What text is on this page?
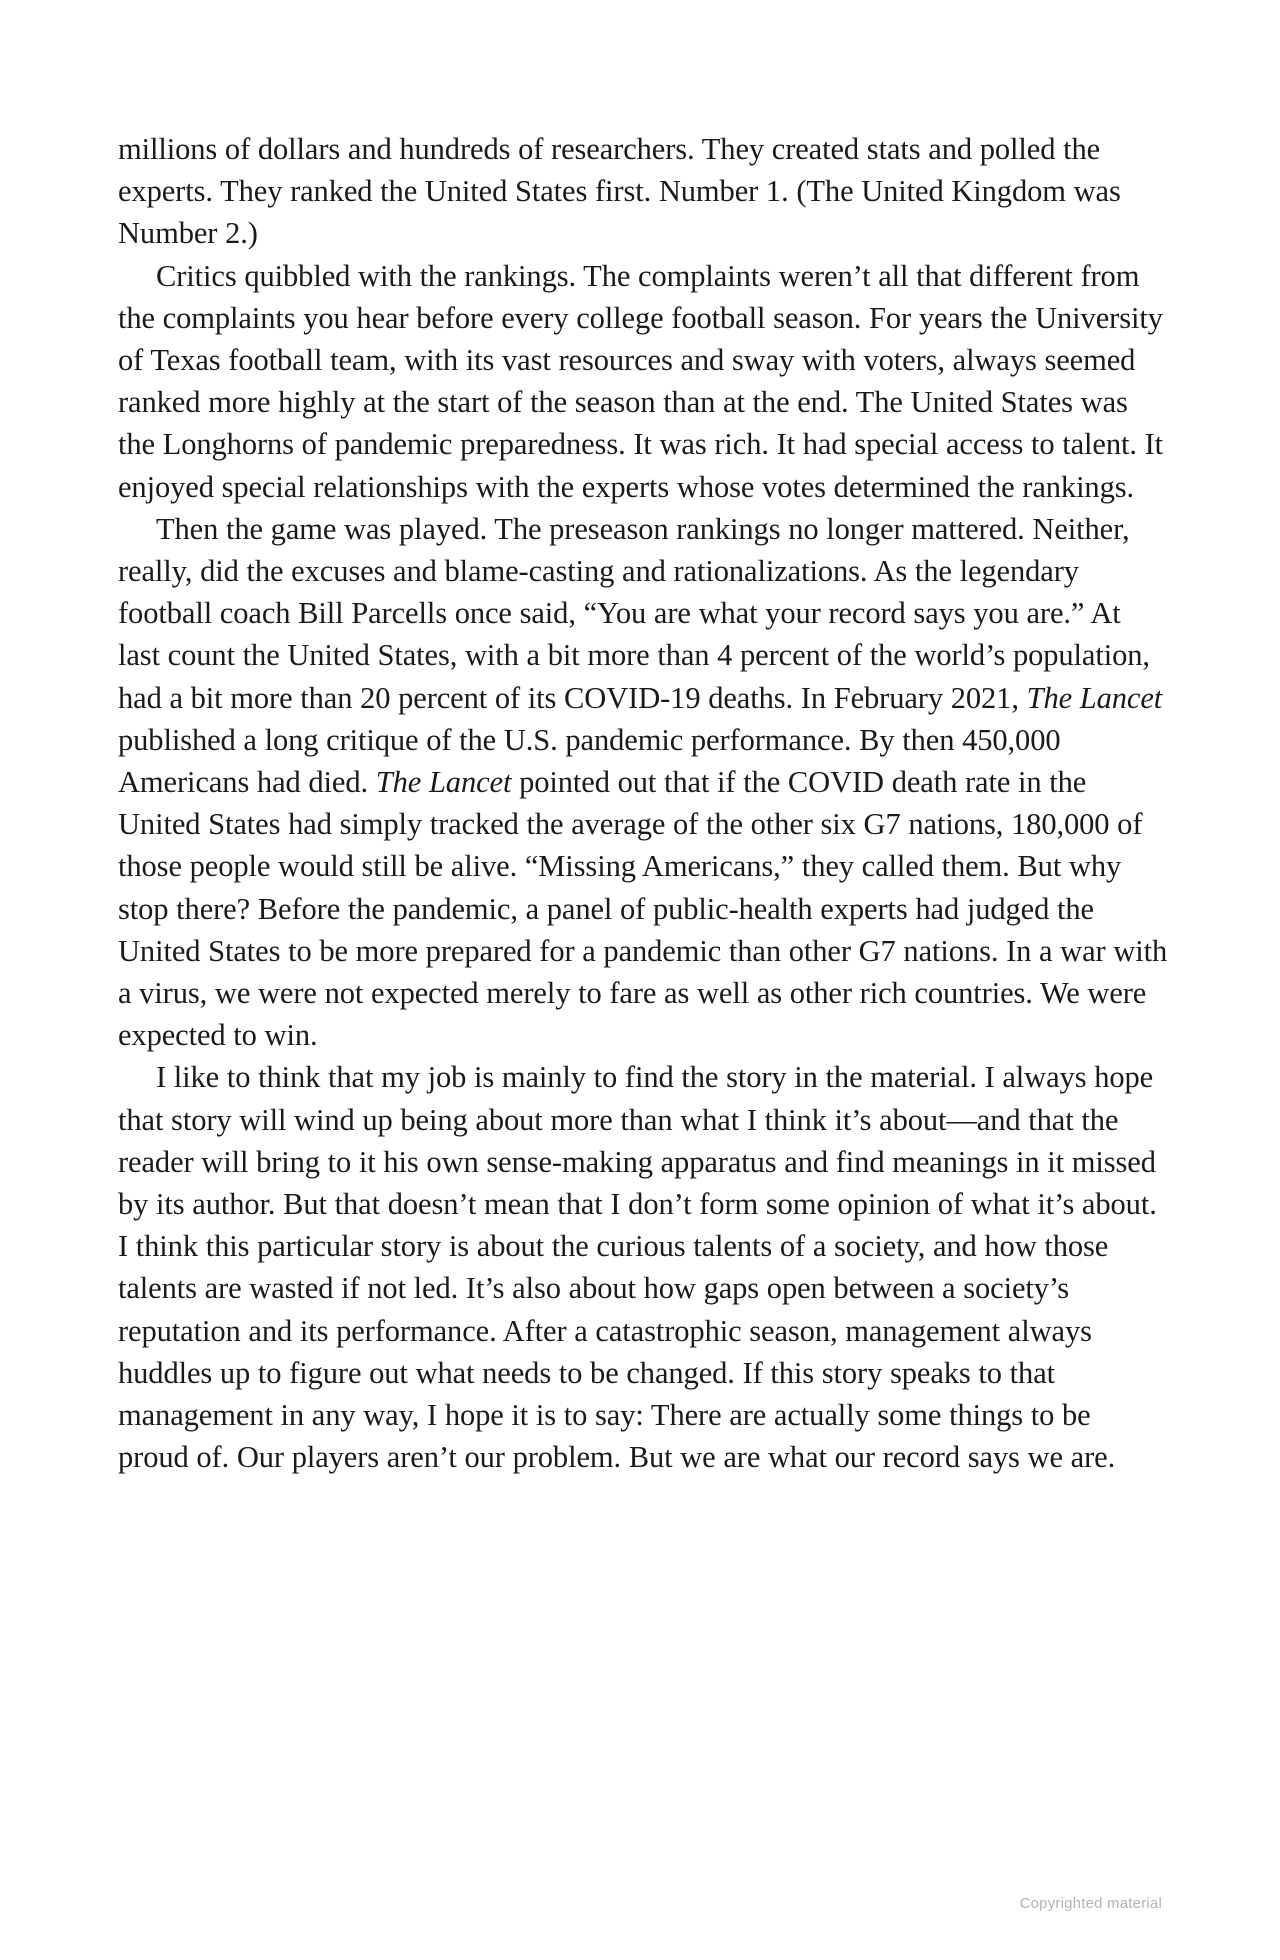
millions of dollars and hundreds of researchers. They created stats and polled the experts. They ranked the United States first. Number 1. (The United Kingdom was Number 2.)

Critics quibbled with the rankings. The complaints weren’t all that different from the complaints you hear before every college football season. For years the University of Texas football team, with its vast resources and sway with voters, always seemed ranked more highly at the start of the season than at the end. The United States was the Longhorns of pandemic preparedness. It was rich. It had special access to talent. It enjoyed special relationships with the experts whose votes determined the rankings.

Then the game was played. The preseason rankings no longer mattered. Neither, really, did the excuses and blame-casting and rationalizations. As the legendary football coach Bill Parcells once said, “You are what your record says you are.” At last count the United States, with a bit more than 4 percent of the world’s population, had a bit more than 20 percent of its COVID-19 deaths. In February 2021, The Lancet published a long critique of the U.S. pandemic performance. By then 450,000 Americans had died. The Lancet pointed out that if the COVID death rate in the United States had simply tracked the average of the other six G7 nations, 180,000 of those people would still be alive. “Missing Americans,” they called them. But why stop there? Before the pandemic, a panel of public-health experts had judged the United States to be more prepared for a pandemic than other G7 nations. In a war with a virus, we were not expected merely to fare as well as other rich countries. We were expected to win.

I like to think that my job is mainly to find the story in the material. I always hope that story will wind up being about more than what I think it’s about—and that the reader will bring to it his own sense-making apparatus and find meanings in it missed by its author. But that doesn’t mean that I don’t form some opinion of what it’s about. I think this particular story is about the curious talents of a society, and how those talents are wasted if not led. It’s also about how gaps open between a society’s reputation and its performance. After a catastrophic season, management always huddles up to figure out what needs to be changed. If this story speaks to that management in any way, I hope it is to say: There are actually some things to be proud of. Our players aren’t our problem. But we are what our record says we are.

Copyrighted material
